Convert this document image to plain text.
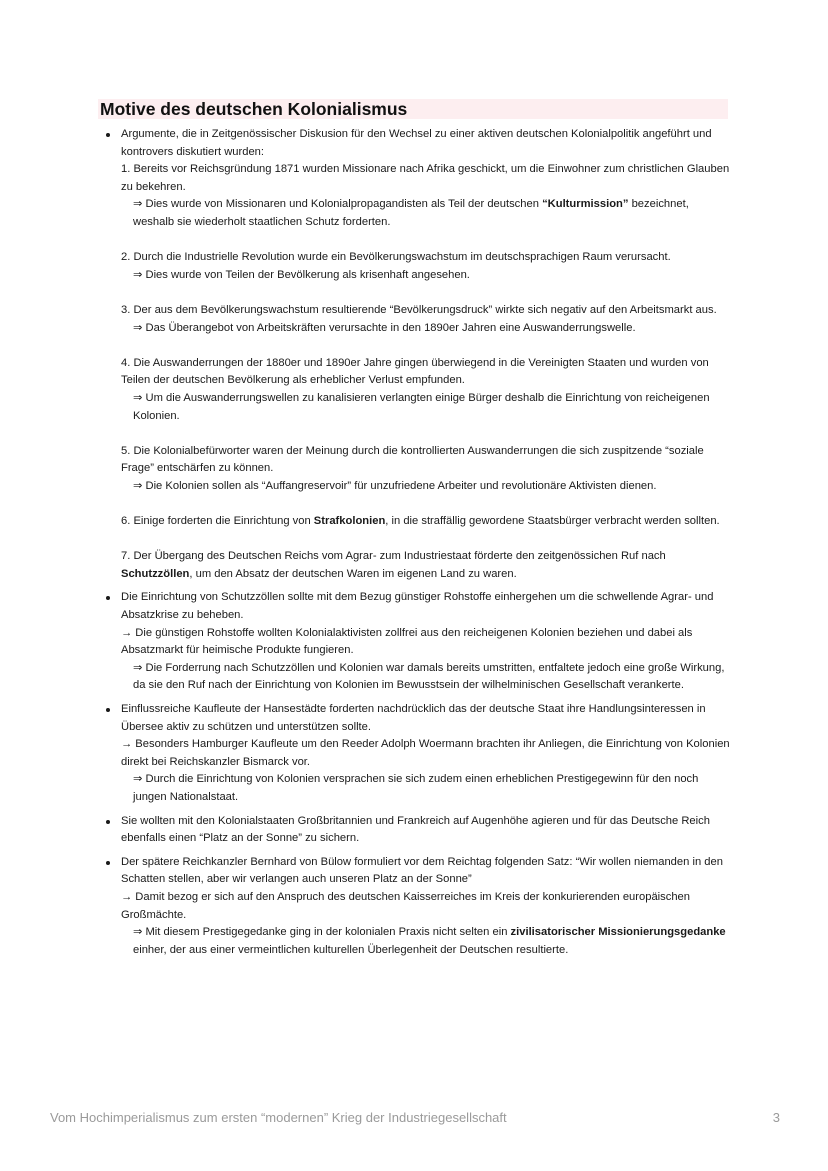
Motive des deutschen Kolonialismus
Argumente, die in Zeitgenössischer Diskusion für den Wechsel zu einer aktiven deutschen Kolonialpolitik angeführt und kontrovers diskutiert wurden:
1. Bereits vor Reichsgründung 1871 wurden Missionare nach Afrika geschickt, um die Einwohner zum christlichen Glauben zu bekehren.
⇒ Dies wurde von Missionaren und Kolonialpropagandisten als Teil der deutschen “Kulturmission” bezeichnet, weshalb sie wiederholt staatlichen Schutz forderten.
2. Durch die Industrielle Revolution wurde ein Bevölkerungswachstum im deutschsprachigen Raum verursacht.
⇒ Dies wurde von Teilen der Bevölkerung als krisenhaft angesehen.
3. Der aus dem Bevölkerungswachstum resultierende “Bevölkerungsdruck” wirkte sich negativ auf den Arbeitsmarkt aus.
⇒ Das Überangebot von Arbeitskräften verursachte in den 1890er Jahren eine Auswanderrungswelle.
4. Die Auswanderrungen der 1880er und 1890er Jahre gingen überwiegend in die Vereinigten Staaten und wurden von Teilen der deutschen Bevölkerung als erheblicher Verlust empfunden.
⇒ Um die Auswanderrungswellen zu kanalisieren verlangten einige Bürger deshalb die Einrichtung von reicheigenen Kolonien.
5. Die Kolonialbefürworter waren der Meinung durch die kontrollierten Auswanderrungen die sich zuspitzende “soziale Frage” entschärfen zu können.
⇒ Die Kolonien sollen als “Auffangreservoir” für unzufriedene Arbeiter und revolutionäre Aktivisten dienen.
6. Einige forderten die Einrichtung von Strafkolonien, in die straffällig gewordene Staatsbürger verbracht werden sollten.
7. Der Übergang des Deutschen Reichs vom Agrar- zum Industriestaat förderte den zeitgenössichen Ruf nach Schutzzöllen, um den Absatz der deutschen Waren im eigenen Land zu waren.
Die Einrichtung von Schutzzöllen sollte mit dem Bezug günstiger Rohstoffe einhergehen um die schwellende Agrar- und Absatzkrise zu beheben.
→ Die günstigen Rohstoffe wollten Kolonialaktivisten zollfrei aus den reicheigenen Kolonien beziehen und dabei als Absatzmarkt für heimische Produkte fungieren.
⇒ Die Forderrung nach Schutzzöllen und Kolonien war damals bereits umstritten, entfaltete jedoch eine große Wirkung, da sie den Ruf nach der Einrichtung von Kolonien im Bewusstsein der wilhelminischen Gesellschaft verankerte.
Einflussreiche Kaufleute der Hansestädte forderten nachdrücklich das der deutsche Staat ihre Handlungsinteressen in Übersee aktiv zu schützen und unterstützen sollte.
→ Besonders Hamburger Kaufleute um den Reeder Adolph Woermann brachten ihr Anliegen, die Einrichtung von Kolonien direkt bei Reichskanzler Bismarck vor.
⇒ Durch die Einrichtung von Kolonien versprachen sie sich zudem einen erheblichen Prestigegewinn für den noch jungen Nationalstaat.
Sie wollten mit den Kolonialstaaten Großbritannien und Frankreich auf Augenhöhe agieren und für das Deutsche Reich ebenfalls einen “Platz an der Sonne” zu sichern.
Der spätere Reichkanzler Bernhard von Bülow formuliert vor dem Reichtag folgenden Satz: “Wir wollen niemanden in den Schatten stellen, aber wir verlangen auch unseren Platz an der Sonne”
→ Damit bezog er sich auf den Anspruch des deutschen Kaisserreiches im Kreis der konkurierenden europäischen Großmächte.
⇒ Mit diesem Prestigegedanke ging in der kolonialen Praxis nicht selten ein zivilisatorischer Missionierungsgedanke einher, der aus einer vermeintlichen kulturellen Überlegenheit der Deutschen resultierte.
Vom Hochimperialismus zum ersten “modernen” Krieg der Industriegesellschaft	3
